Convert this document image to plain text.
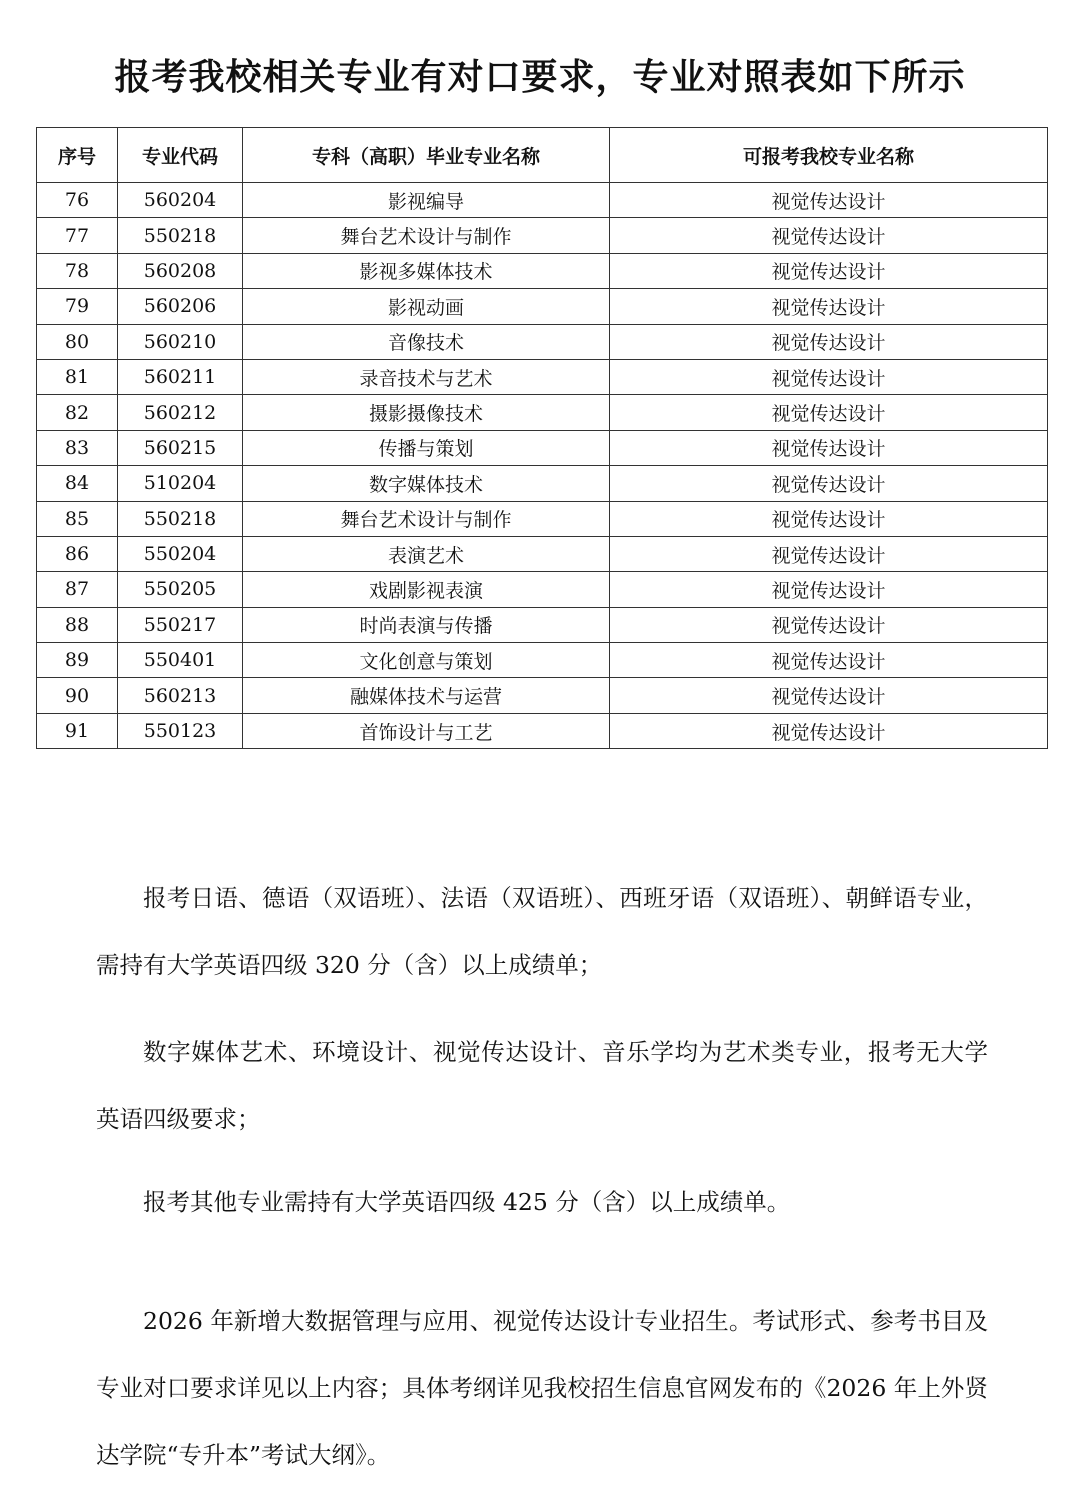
报考我校相关专业有对口要求，专业对照表如下所示
序号	专业代码	专科（高职）毕业专业名称	可报考我校专业名称
76	560204	影视编导	视觉传达设计
77	550218	舞台艺术设计与制作	视觉传达设计
78	560208	影视多媒体技术	视觉传达设计
79	560206	影视动画	视觉传达设计
80	560210	音像技术	视觉传达设计
81	560211	录音技术与艺术	视觉传达设计
82	560212	摄影摄像技术	视觉传达设计
83	560215	传播与策划	视觉传达设计
84	510204	数字媒体技术	视觉传达设计
85	550218	舞台艺术设计与制作	视觉传达设计
86	550204	表演艺术	视觉传达设计
87	550205	戏剧影视表演	视觉传达设计
88	550217	时尚表演与传播	视觉传达设计
89	550401	文化创意与策划	视觉传达设计
90	560213	融媒体技术与运营	视觉传达设计
91	550123	首饰设计与工艺	视觉传达设计

报考日语、德语（双语班）、法语（双语班）、西班牙语（双语班）、朝鲜语专业，需持有大学英语四级 320 分（含）以上成绩单；

数字媒体艺术、环境设计、视觉传达设计、音乐学均为艺术类专业，报考无大学英语四级要求；

报考其他专业需持有大学英语四级 425 分（含）以上成绩单。

2026 年新增大数据管理与应用、视觉传达设计专业招生。考试形式、参考书目及专业对口要求详见以上内容；具体考纲详见我校招生信息官网发布的《2026 年上外贤达学院“专升本”考试大纲》。
